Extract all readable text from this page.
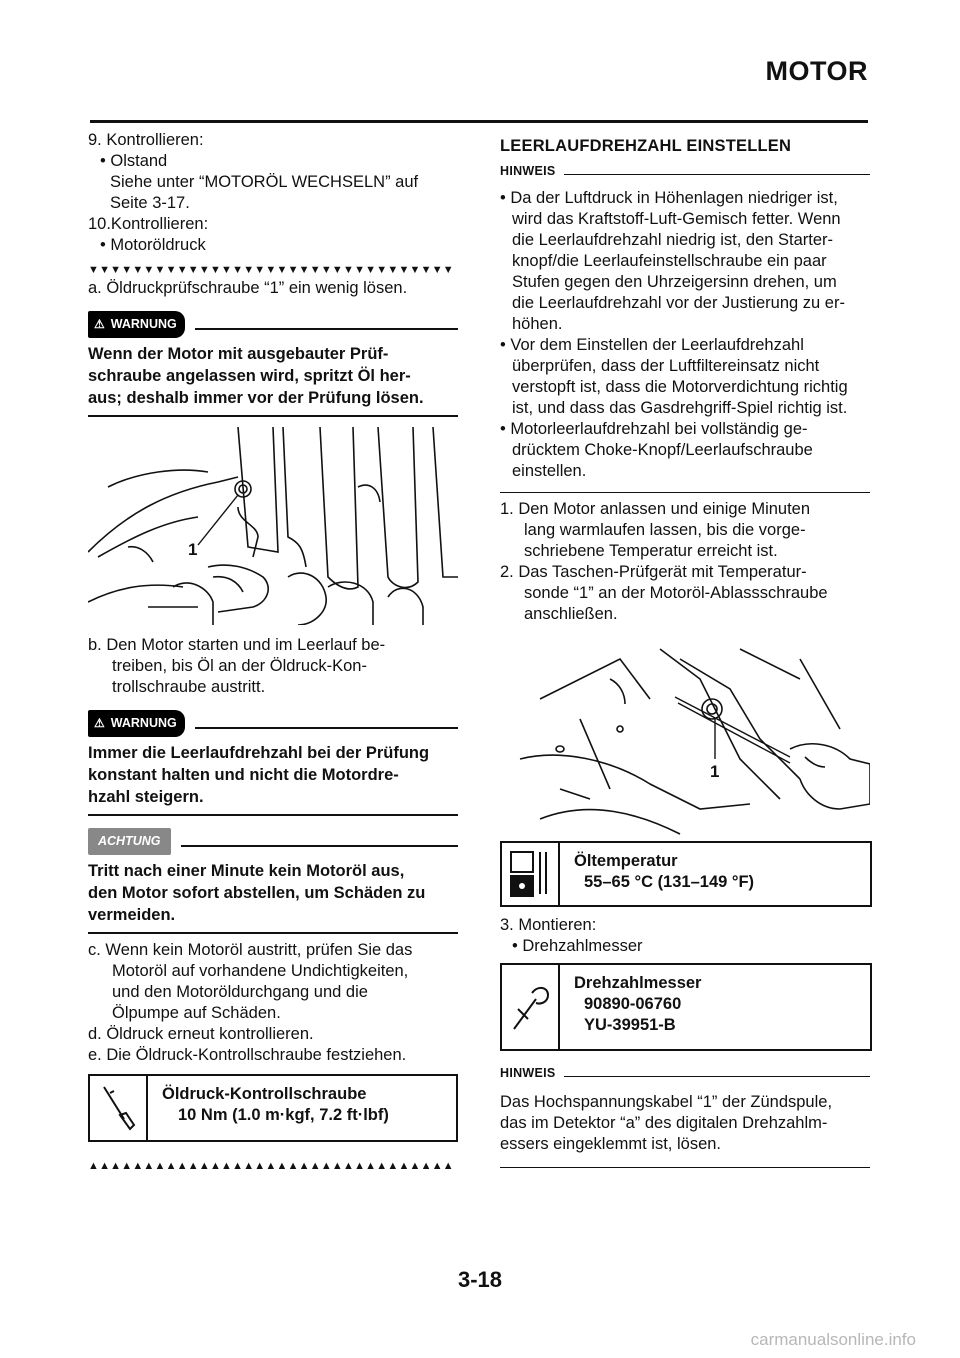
MOTOR
9. Kontrollieren:
• Olstand
Siehe unter “MOTORÖL WECHSELN” auf
Seite 3-17.
10.Kontrollieren:
• Motoröldruck
▼▼▼▼▼▼▼▼▼▼▼▼▼▼▼▼▼▼▼▼▼▼▼▼▼▼▼▼▼▼▼▼▼
a. Öldruckprüfschraube “1” ein wenig lösen.
⚠ WARNUNG
Wenn der Motor mit ausgebauter Prüf-
schraube angelassen wird, spritzt Öl her-
aus; deshalb immer vor der Prüfung lösen.
1
b. Den Motor starten und im Leerlauf be-
treiben, bis Öl an der Öldruck-Kon-
trollschraube austritt.
⚠ WARNUNG
Immer die Leerlaufdrehzahl bei der Prüfung
konstant halten und nicht die Motordre-
hzahl steigern.
ACHTUNG
Tritt nach einer Minute kein Motoröl aus,
den Motor sofort abstellen, um Schäden zu
vermeiden.
c. Wenn kein Motoröl austritt, prüfen Sie das
Motoröl auf vorhandene Undichtigkeiten,
und den Motoröldurchgang und die
Ölpumpe auf Schäden.
d. Öldruck erneut kontrollieren.
e. Die Öldruck-Kontrollschraube festziehen.
Öldruck-Kontrollschraube
10 Nm (1.0 m·kgf, 7.2 ft·lbf)
▲▲▲▲▲▲▲▲▲▲▲▲▲▲▲▲▲▲▲▲▲▲▲▲▲▲▲▲▲▲▲▲▲
LEERLAUFDREHZAHL EINSTELLEN
HINWEIS
• Da der Luftdruck in Höhenlagen niedriger ist,
wird das Kraftstoff-Luft-Gemisch fetter. Wenn
die Leerlaufdrehzahl niedrig ist, den Starter-
knopf/die Leerlaufeinstellschraube ein paar
Stufen gegen den Uhrzeigersinn drehen, um
die Leerlaufdrehzahl vor der Justierung zu er-
höhen.
• Vor dem Einstellen der Leerlaufdrehzahl
überprüfen, dass der Luftfiltereinsatz nicht
verstopft ist, dass die Motorverdichtung richtig
ist, und dass das Gasdrehgriff-Spiel richtig ist.
• Motorleerlaufdrehzahl bei vollständig ge-
drücktem Choke-Knopf/Leerlaufschraube
einstellen.
1. Den Motor anlassen und einige Minuten
lang warmlaufen lassen, bis die vorge-
schriebene Temperatur erreicht ist.
2. Das Taschen-Prüfgerät mit Temperatur-
sonde “1” an der Motoröl-Ablassschraube
anschließen.
1
Öltemperatur
55–65 °C (131–149 °F)
3. Montieren:
• Drehzahlmesser
Drehzahlmesser
90890-06760
YU-39951-B
HINWEIS
Das Hochspannungskabel “1” der Zündspule,
das im Detektor “a” des digitalen Drehzahlm-
essers eingeklemmt ist, lösen.
3-18
carmanualsonline.info
